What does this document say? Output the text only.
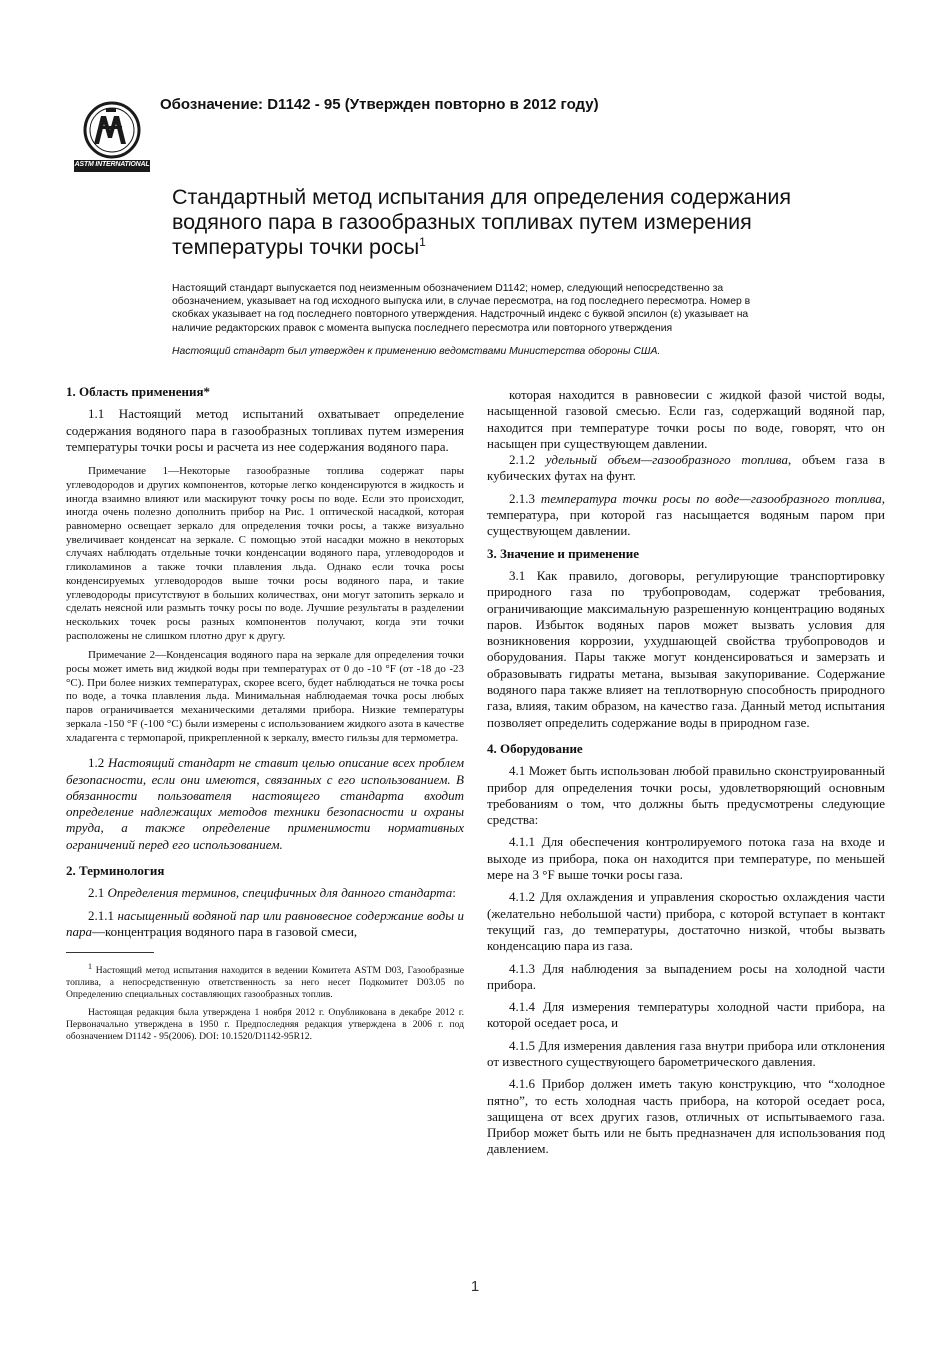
ASTM INTERNATIONAL
Обозначение: D1142 - 95 (Утвержден повторно в 2012 году)
Стандартный метод испытания для определения содержания водяного пара в газообразных топливах путем измерения температуры точки росы$^1$
Настоящий стандарт выпускается под неизменным обозначением D1142; номер, следующий непосредственно за обозначением, указывает на год исходного выпуска или, в случае пересмотра, на год последнего пересмотра. Номер в скобках указывает на год последнего повторного утверждения. Надстрочный индекс с буквой эпсилон (ε) указывает на наличие редакторских правок с момента выпуска последнего пересмотра или повторного утверждения
Настоящий стандарт был утвержден к применению ведомствами Министерства обороны США.

1. Область применения*

1.1 Настоящий метод испытаний охватывает определение содержания водяного пара в газообразных топливах путем измерения температуры точки росы и расчета из нее содержания водяного пара.

Примечание 1—Некоторые газообразные топлива содержат пары углеводородов и других компонентов, которые легко конденсируются в жидкость и иногда взаимно влияют или маскируют точку росы по воде. Если это происходит, иногда очень полезно дополнить прибор на Рис. 1 оптической насадкой, которая равномерно освещает зеркало для определения точки росы, а также визуально увеличивает конденсат на зеркале. С помощью этой насадки можно в некоторых случаях наблюдать отдельные точки конденсации водяного пара, углеводородов и гликоламинов а также точки плавления льда. Однако если точка росы конденсируемых углеводородов выше точки росы водяного пара, и такие углеводороды присутствуют в больших количествах, они могут затопить зеркало и сделать неясной или размыть точку росы по воде. Лучшие результаты в разделении нескольких точек росы разных компонентов получают, когда эти точки расположены не слишком плотно друг к другу.

Примечание 2—Конденсация водяного пара на зеркале для определения точки росы может иметь вид жидкой воды при температурах от 0 до -10 °F (от -18 до -23 °C). При более низких температурах, скорее всего, будет наблюдаться не точка росы по воде, а точка плавления льда. Минимальная наблюдаемая точка росы любых паров ограничивается механическими деталями прибора. Низкие температуры зеркала -150 °F (-100 °C) были измерены с использованием жидкого азота в качестве хладагента с термопарой, прикрепленной к зеркалу, вместо гильзы для термометра.

1.2 Настоящий стандарт не ставит целью описание всех проблем безопасности, если они имеются, связанных с его использованием. В обязанности пользователя настоящего стандарта входит определение надлежащих методов техники безопасности и охраны труда, а также определение применимости нормативных ограничений перед его использованием.

2. Терминология

2.1 Определения терминов, специфичных для данного стандарта:

2.1.1 насыщенный водяной пар или равновесное содержание воды и пара—концентрация водяного пара в газовой смеси,

$^1$ Настоящий метод испытания находится в ведении Комитета ASTM D03, Газообразные топлива, а непосредственную ответственность за него несет Подкомитет D03.05 по Определению специальных составляющих газообразных топлив.

Настоящая редакция была утверждена 1 ноября 2012 г. Опубликована в декабре 2012 г. Первоначально утверждена в 1950 г. Предпоследняя редакция утверждена в 2006 г. под обозначением D1142 - 95(2006). DOI: 10.1520/D1142-95R12.

которая находится в равновесии с жидкой фазой чистой воды, насыщенной газовой смесью. Если газ, содержащий водяной пар, находится при температуре точки росы по воде, говорят, что он насыщен при существующем давлении.

2.1.2 удельный объем—газообразного топлива, объем газа в кубических футах на фунт.

2.1.3 температура точки росы по воде—газообразного топлива, температура, при которой газ насыщается водяным паром при существующем давлении.

3. Значение и применение

3.1 Как правило, договоры, регулирующие транспортировку природного газа по трубопроводам, содержат требования, ограничивающие максимальную разрешенную концентрацию водяных паров. Избыток водяных паров может вызвать условия для возникновения коррозии, ухудшающей свойства трубопроводов и оборудования. Пары также могут конденсироваться и замерзать и образовывать гидраты метана, вызывая закупоривание. Содержание водяного пара также влияет на теплотворную способность природного газа, влияя, таким образом, на качество газа. Данный метод испытания позволяет определить содержание воды в природном газе.

4. Оборудование

4.1 Может быть использован любой правильно сконструированный прибор для определения точки росы, удовлетворяющий основным требованиям о том, что должны быть предусмотрены следующие средства:

4.1.1 Для обеспечения контролируемого потока газа на входе и выходе из прибора, пока он находится при температуре, по меньшей мере на 3 °F выше точки росы газа.

4.1.2 Для охлаждения и управления скоростью охлаждения части (желательно небольшой части) прибора, с которой вступает в контакт текущий газ, до температуры, достаточно низкой, чтобы вызвать конденсацию пара из газа.

4.1.3 Для наблюдения за выпадением росы на холодной части прибора.

4.1.4 Для измерения температуры холодной части прибора, на которой оседает роса, и

4.1.5 Для измерения давления газа внутри прибора или отклонения от известного существующего барометрического давления.

4.1.6 Прибор должен иметь такую конструкцию, что “холодное пятно”, то есть холодная часть прибора, на которой оседает роса, защищена от всех других газов, отличных от испытываемого газа. Прибор может быть или не быть предназначен для использования под давлением.

1
